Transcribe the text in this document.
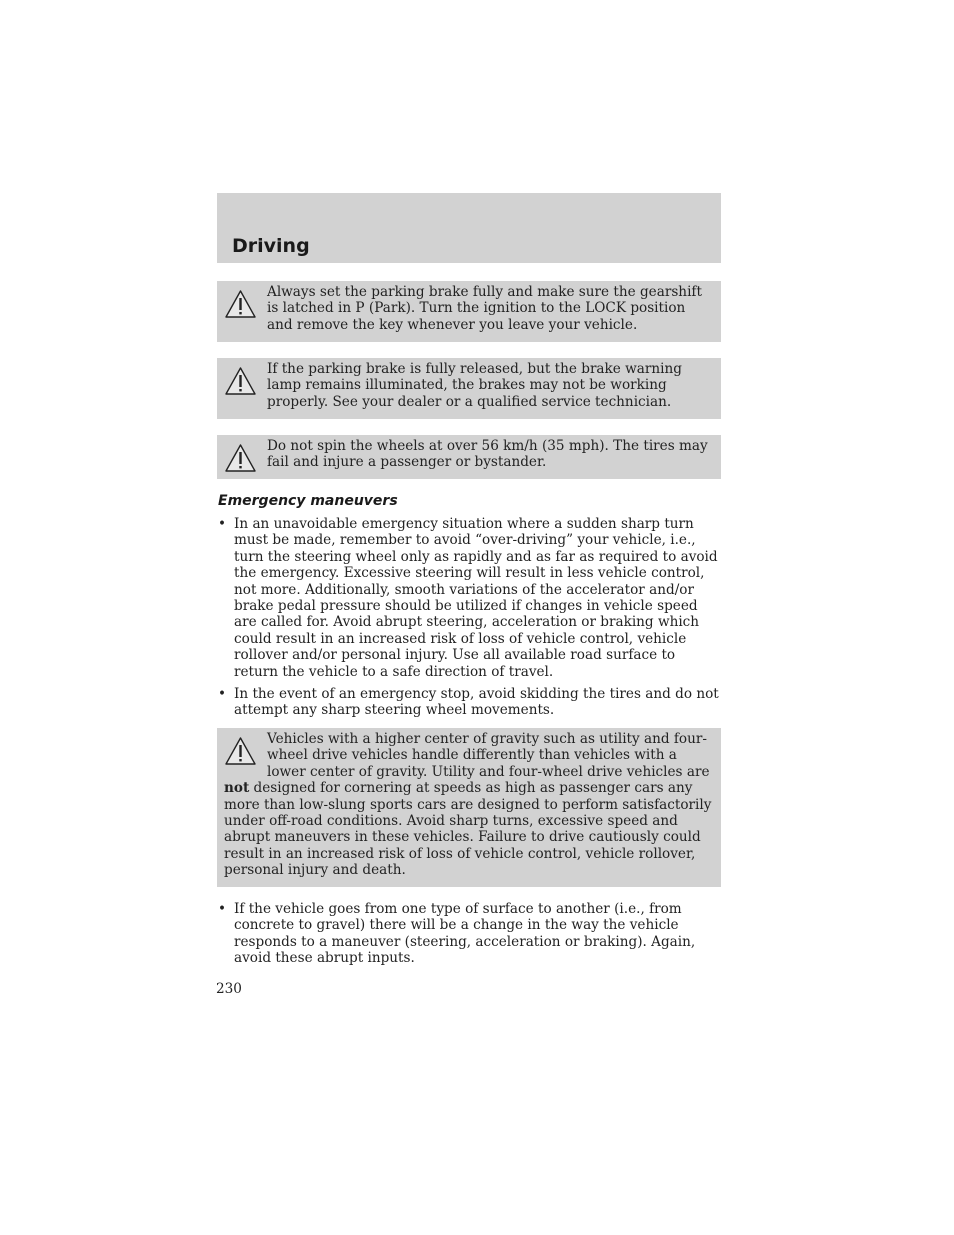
Driving
Always set the parking brake fully and make sure the gearshift is latched in P (Park). Turn the ignition to the LOCK position and remove the key whenever you leave your vehicle.
If the parking brake is fully released, but the brake warning lamp remains illuminated, the brakes may not be working properly. See your dealer or a qualified service technician.
Do not spin the wheels at over 56 km/h (35 mph). The tires may fail and injure a passenger or bystander.
Emergency maneuvers
• In an unavoidable emergency situation where a sudden sharp turn must be made, remember to avoid “over-driving” your vehicle, i.e., turn the steering wheel only as rapidly and as far as required to avoid the emergency. Excessive steering will result in less vehicle control, not more. Additionally, smooth variations of the accelerator and/or brake pedal pressure should be utilized if changes in vehicle speed are called for. Avoid abrupt steering, acceleration or braking which could result in an increased risk of loss of vehicle control, vehicle rollover and/or personal injury. Use all available road surface to return the vehicle to a safe direction of travel.
• In the event of an emergency stop, avoid skidding the tires and do not attempt any sharp steering wheel movements.
Vehicles with a higher center of gravity such as utility and four-wheel drive vehicles handle differently than vehicles with a lower center of gravity. Utility and four-wheel drive vehicles are not designed for cornering at speeds as high as passenger cars any more than low-slung sports cars are designed to perform satisfactorily under off-road conditions. Avoid sharp turns, excessive speed and abrupt maneuvers in these vehicles. Failure to drive cautiously could result in an increased risk of loss of vehicle control, vehicle rollover, personal injury and death.
• If the vehicle goes from one type of surface to another (i.e., from concrete to gravel) there will be a change in the way the vehicle responds to a maneuver (steering, acceleration or braking). Again, avoid these abrupt inputs.
230
